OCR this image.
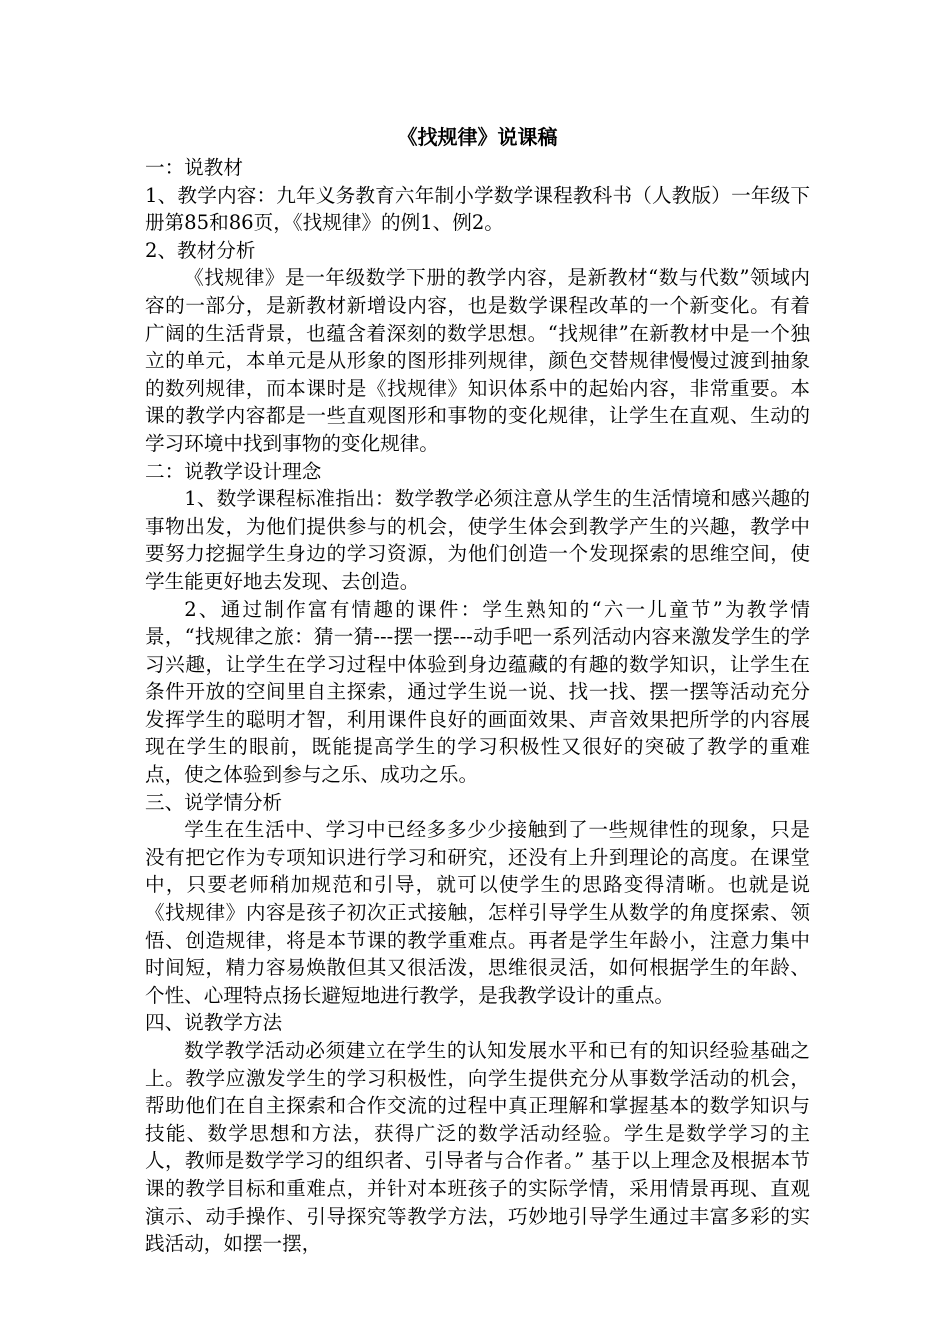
《找规律》说课稿

一：说教材

1、教学内容：九年义务教育六年制小学数学课程教科书（人教版）一年级下册第85和86页，《找规律》的例1、例2。

2、教材分析

《找规律》是一年级数学下册的教学内容，是新教材“数与代数”领域内容的一部分，是新教材新增设内容，也是数学课程改革的一个新变化。有着广阔的生活背景，也蕴含着深刻的数学思想。“找规律”在新教材中是一个独立的单元，本单元是从形象的图形排列规律，颜色交替规律慢慢过渡到抽象的数列规律，而本课时是《找规律》知识体系中的起始内容，非常重要。本课的教学内容都是一些直观图形和事物的变化规律，让学生在直观、生动的学习环境中找到事物的变化规律。

二：说教学设计理念

1、数学课程标准指出：数学教学必须注意从学生的生活情境和感兴趣的事物出发，为他们提供参与的机会，使学生体会到教学产生的兴趣，教学中要努力挖掘学生身边的学习资源，为他们创造一个发现探索的思维空间，使学生能更好地去发现、去创造。

2、通过制作富有情趣的课件：学生熟知的“六一儿童节”为教学情景，“找规律之旅：猜一猜---摆一摆---动手吧一系列活动内容来激发学生的学习兴趣，让学生在学习过程中体验到身边蕴藏的有趣的数学知识，让学生在条件开放的空间里自主探索，通过学生说一说、找一找、摆一摆等活动充分发挥学生的聪明才智，利用课件良好的画面效果、声音效果把所学的内容展现在学生的眼前，既能提高学生的学习积极性又很好的突破了教学的重难点，使之体验到参与之乐、成功之乐。

三、说学情分析

学生在生活中、学习中已经多多少少接触到了一些规律性的现象，只是没有把它作为专项知识进行学习和研究，还没有上升到理论的高度。在课堂中，只要老师稍加规范和引导，就可以使学生的思路变得清晰。也就是说《找规律》内容是孩子初次正式接触，怎样引导学生从数学的角度探索、领悟、创造规律，将是本节课的教学重难点。再者是学生年龄小，注意力集中时间短，精力容易焕散但其又很活泼，思维很灵活，如何根据学生的年龄、个性、心理特点扬长避短地进行教学，是我教学设计的重点。

四、说教学方法

数学教学活动必须建立在学生的认知发展水平和已有的知识经验基础之上。教学应激发学生的学习积极性，向学生提供充分从事数学活动的机会，帮助他们在自主探索和合作交流的过程中真正理解和掌握基本的数学知识与技能、数学思想和方法，获得广泛的数学活动经验。学生是数学学习的主人，教师是数学学习的组织者、引导者与合作者。” 基于以上理念及根据本节课的教学目标和重难点，并针对本班孩子的实际学情，采用情景再现、直观演示、动手操作、引导探究等教学方法，巧妙地引导学生通过丰富多彩的实践活动，如摆一摆，
